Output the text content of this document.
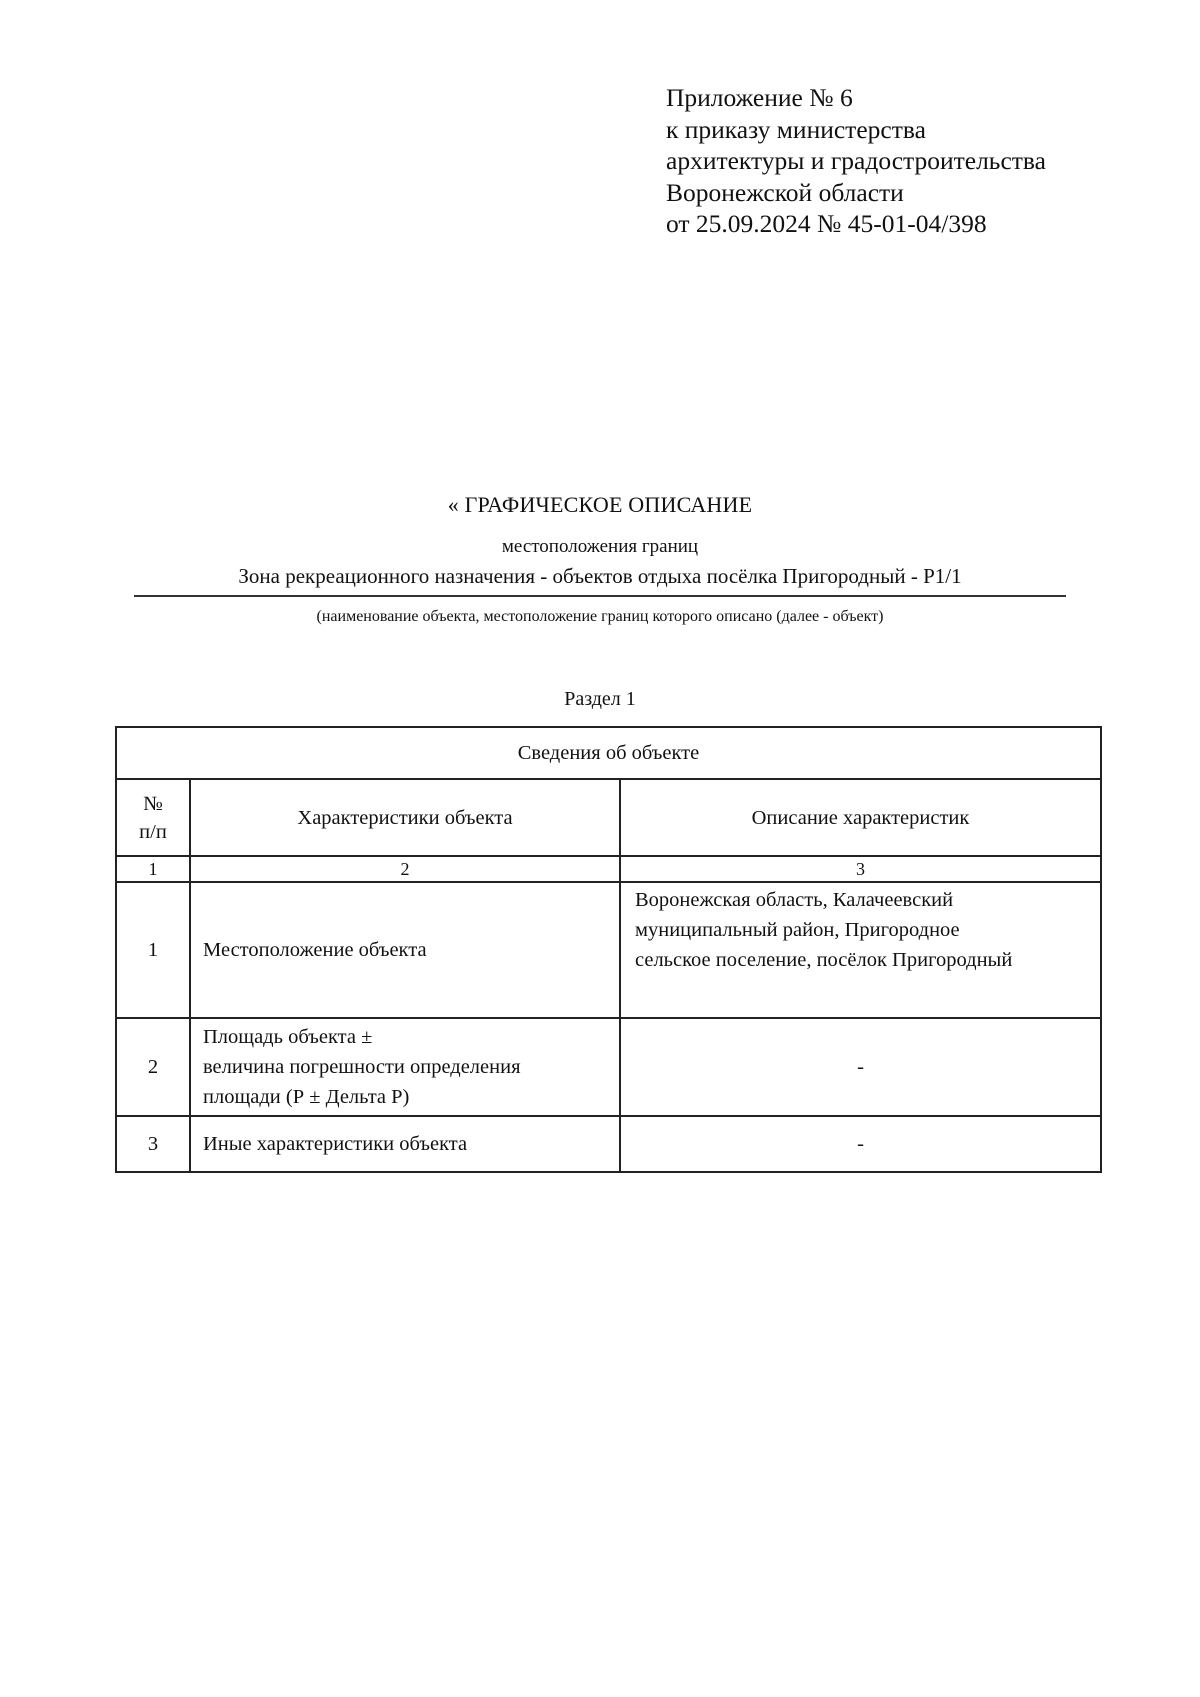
Приложение № 6
к приказу министерства
архитектуры и градостроительства
Воронежской области
от 25.09.2024 № 45-01-04/398
« ГРАФИЧЕСКОЕ ОПИСАНИЕ
местоположения границ
Зона рекреационного назначения - объектов отдыха посёлка Пригородный - Р1/1
(наименование объекта, местоположение границ которого описано (далее - объект)
Раздел 1
Сведения об объекте		

№
п/п	Характеристики объекта	Описание характеристик
1	2	3
1	Местоположение объекта	Воронежская область, Калачеевский
муниципальный район, Пригородное
сельское поселение, посёлок Пригородный

2	Площадь объекта ±
величина погрешности определения
площади (Р ± Дельта Р)	-
3	Иные характеристики объекта	-
